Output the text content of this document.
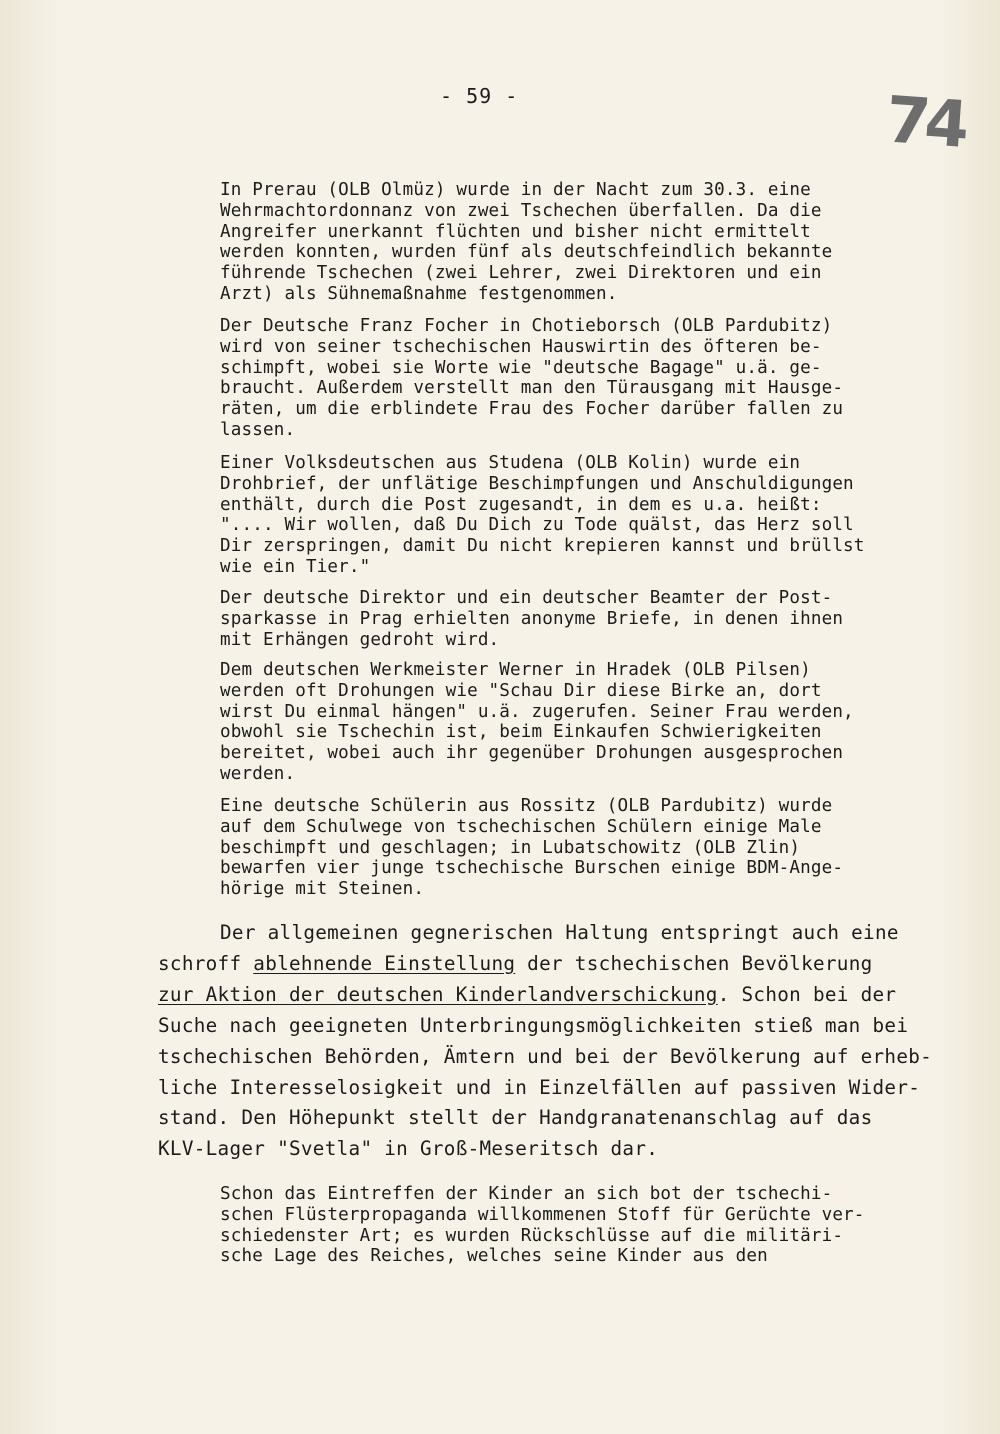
- 59 -	74
In Prerau (OLB Olmüz) wurde in der Nacht zum 30.3. eine
Wehrmachtordonnanz von zwei Tschechen überfallen. Da die
Angreifer unerkannt flüchten und bisher nicht ermittelt
werden konnten, wurden fünf als deutschfeindlich bekannte
führende Tschechen (zwei Lehrer, zwei Direktoren und ein
Arzt) als Sühnemaßnahme festgenommen.
Der Deutsche Franz Focher in Chotieborsch (OLB Pardubitz)
wird von seiner tschechischen Hauswirtin des öfteren be-
schimpft, wobei sie Worte wie "deutsche Bagage" u.ä. ge-
braucht. Außerdem verstellt man den Türausgang mit Hausge-
räten, um die erblindete Frau des Focher darüber fallen zu
lassen.
Einer Volksdeutschen aus Studena (OLB Kolin) wurde ein
Drohbrief, der unflätige Beschimpfungen und Anschuldigungen
enthält, durch die Post zugesandt, in dem es u.a. heißt:
".... Wir wollen, daß Du Dich zu Tode quälst, das Herz soll
Dir zerspringen, damit Du nicht krepieren kannst und brüllst
wie ein Tier."
Der deutsche Direktor und ein deutscher Beamter der Post-
sparkasse in Prag erhielten anonyme Briefe, in denen ihnen
mit Erhängen gedroht wird.
Dem deutschen Werkmeister Werner in Hradek (OLB Pilsen)
werden oft Drohungen wie "Schau Dir diese Birke an, dort
wirst Du einmal hängen" u.ä. zugerufen. Seiner Frau werden,
obwohl sie Tschechin ist, beim Einkaufen Schwierigkeiten
bereitet, wobei auch ihr gegenüber Drohungen ausgesprochen
werden.
Eine deutsche Schülerin aus Rossitz (OLB Pardubitz) wurde
auf dem Schulwege von tschechischen Schülern einige Male
beschimpft und geschlagen; in Lubatschowitz (OLB Zlin)
bewarfen vier junge tschechische Burschen einige BDM-Ange-
hörige mit Steinen.
Der allgemeinen gegnerischen Haltung entspringt auch eine
schroff ablehnende Einstellung der tschechischen Bevölkerung
zur Aktion der deutschen Kinderlandverschickung. Schon bei der
Suche nach geeigneten Unterbringungsmöglichkeiten stieß man bei
tschechischen Behörden, Ämtern und bei der Bevölkerung auf erheb-
liche Interesselosigkeit und in Einzelfällen auf passiven Wider-
stand. Den Höhepunkt stellt der Handgranatenanschlag auf das
KLV-Lager "Svetla" in Groß-Meseritsch dar.
Schon das Eintreffen der Kinder an sich bot der tschechi-
schen Flüsterpropaganda willkommenen Stoff für Gerüchte ver-
schiedenster Art; es wurden Rückschlüsse auf die militäri-
sche Lage des Reiches, welches seine Kinder aus den
